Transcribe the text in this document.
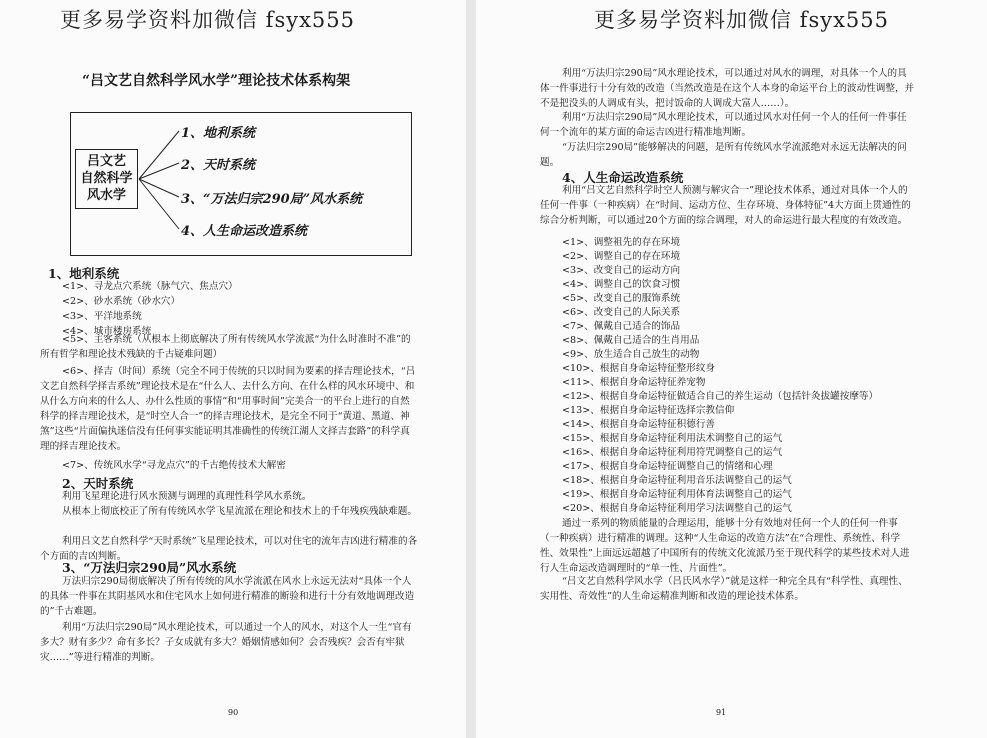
更多易学资料加微信 fsyx555
“吕文艺自然科学风水学”理论技术体系构架
吕文艺
自然科学
风水学
1、地利系统
2、天时系统
3、“万法归宗290局”风水系统
4、人生命运改造系统
1、地利系统
<1>、寻龙点穴系统（脉气穴、焦点穴）
<2>、砂水系统（砂水穴）
<3>、平洋地系统
<4>、城市楼房系统
<5>、主客系统（从根本上彻底解决了所有传统风水学流派“为什么时准时不准”的所有哲学和理论技术残缺的千古疑难问题）
<6>、择吉（时间）系统（完全不同于传统的只以时间为要素的择吉理论技术，“吕文艺自然科学择吉系统”理论技术是在“什么人、去什么方向、在什么样的风水环境中、和从什么方向来的什么人、办什么性质的事情”和“用事时间”完美合一的平台上进行的自然科学的择吉理论技术，是“时空人合一”的择吉理论技术，是完全不同于“黄道、黑道、神煞”这些“片面偏执迷信没有任何事实能证明其准确性的传统江湖人文择吉套路”的科学真理的择吉理论技术。
<7>、传统风水学“寻龙点穴”的千古绝传技术大解密
2、天时系统
利用飞星理论进行风水预测与调理的真理性科学风水系统。
从根本上彻底校正了所有传统风水学飞星流派在理论和技术上的千年残疾残缺难题。
利用吕文艺自然科学“天时系统”飞星理论技术，可以对住宅的流年吉凶进行精准的各个方面的吉凶判断。
3、“万法归宗290局”风水系统
万法归宗290局彻底解决了所有传统的风水学流派在风水上永远无法对“具体一个人的具体一件事在其阴基风水和住宅风水上如何进行精准的断验和进行十分有效地调理改造的”千古难题。
利用“万法归宗290局”风水理论技术，可以通过一个人的风水，对这个人一生“官有多大？财有多少？命有多长？子女成就有多大？婚姻情感如何？会否残疾？会否有牢狱灾……”等进行精准的判断。
90
更多易学资料加微信 fsyx555
利用“万法归宗290局”风水理论技术，可以通过对风水的调理，对具体一个人的具体一件事进行十分有效的改造（当然改造是在这个人本身的命运平台上的波动性调整，并不是把没头的人调成有头，把讨饭命的人调成大富人……）。
利用“万法归宗290局”风水理论技术，可以通过风水对任何一个人的任何一件事任何一个流年的某方面的命运吉凶进行精准地判断。
“万法归宗290局”能够解决的问题，是所有传统风水学流派绝对永远无法解决的问题。
4、人生命运改造系统
利用“吕文艺自然科学时空人预测与解灾合一”理论技术体系，通过对具体一个人的任何一件事（一种疾病）在“时间、运动方位、生存环境、身体特征”4大方面上贯通性的综合分析判断，可以通过20个方面的综合调理，对人的命运进行最大程度的有效改造。
<1>、调整祖先的存在环境
<2>、调整自己的存在环境
<3>、改变自己的运动方向
<4>、调整自己的饮食习惯
<5>、改变自己的服饰系统
<6>、改变自己的人际关系
<7>、佩戴自己适合的饰品
<8>、佩戴自己适合的生肖用品
<9>、放生适合自己放生的动物
<10>、根据自身命运特征整形纹身
<11>、根据自身命运特征养宠物
<12>、根据自身命运特征做适合自己的养生运动（包括针灸拔罐按摩等）
<13>、根据自身命运特征选择宗教信仰
<14>、根据自身命运特征积德行善
<15>、根据自身命运特征利用法术调整自己的运气
<16>、根据自身命运特征利用符咒调整自己的运气
<17>、根据自身命运特征调整自己的情绪和心理
<18>、根据自身命运特征利用音乐法调整自己的运气
<19>、根据自身命运特征利用体育法调整自己的运气
<20>、根据自身命运特征利用学习法调整自己的运气
通过一系列的物质能量的合理运用，能够十分有效地对任何一个人的任何一件事（一种疾病）进行精准的调理。这种“人生命运的改造方法”在“合理性、系统性、科学性、效果性”上面远远超越了中国所有的传统文化流派乃至于现代科学的某些技术对人进行人生命运改造调理时的“单一性、片面性”。
“吕文艺自然科学风水学（吕氏风水学）”就是这样一种完全具有“科学性、真理性、实用性、奇效性”的人生命运精准判断和改造的理论技术体系。
91
